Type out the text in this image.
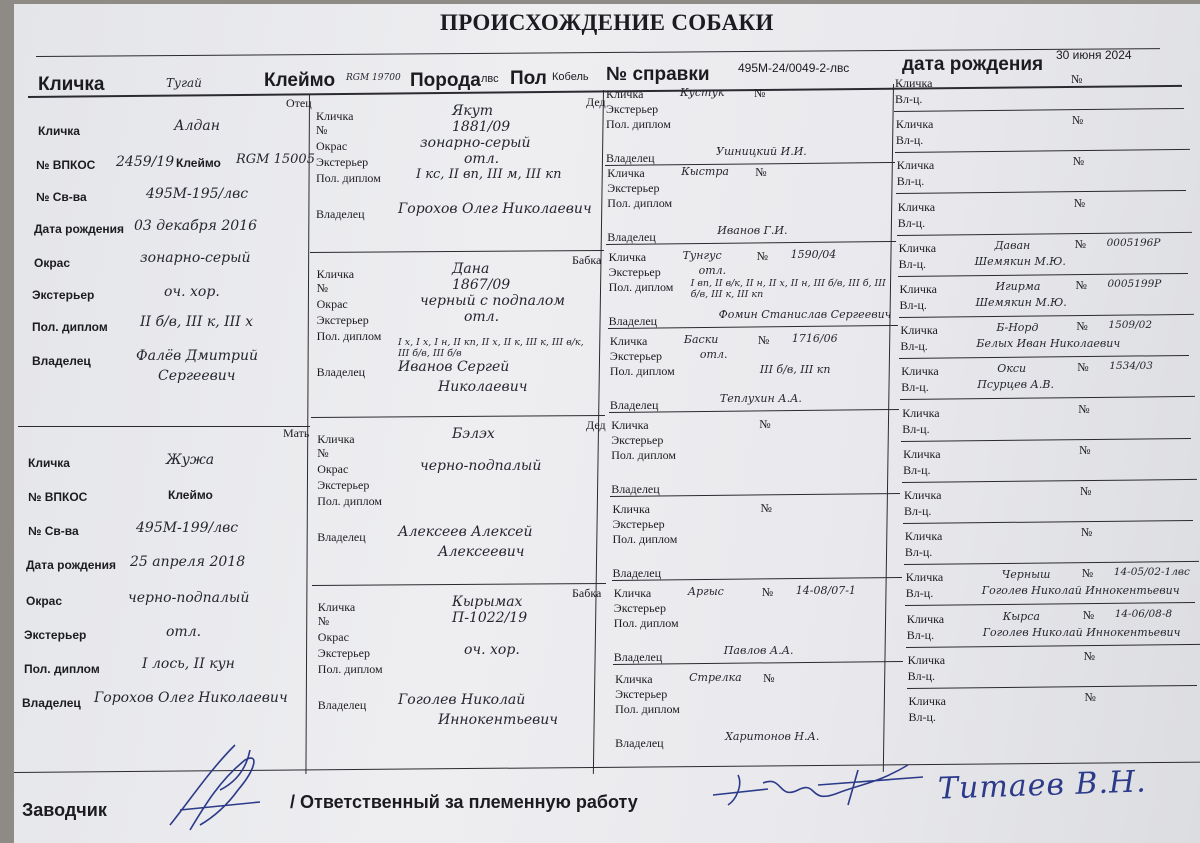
ПРОИСХОЖДЕНИЕ СОБАКИ
Кличка	Тугай	Клеймо RGM 19700 Порода лвс Пол Кобель № справки 495М-24/0049-2-лвс	дата рождения 30 июня 2024
Отец
Кличка	Алдан
№ ВПКОС 2459/19 Клеймо RGM 15005
№ Св-ва	495М-195/лвс
Дата рождения 03 декабря 2016
Окрас	зонарно-серый
Экстерьер	оч. хор.
Пол. диплом II б/в, III к, III х
Владелец	Фалёв Дмитрий
Сергеевич
Мать
Кличка	Жужа
№ ВПКОС	Клеймо
№ Св-ва	495М-199/лвс
Дата рождения 25 апреля 2018
Окрас	черно-подпалый
Экстерьер	отл.
Пол. диплом	I лось, II кун
Владелец Горохов Олег Николаевич
Дед
Кличка	Якут
№	1881/09
Окрас	зонарно-серый
Экстерьер	отл.
Пол. диплом	I кс, II вп, III м, III кп
Владелец Горохов Олег Николаевич
Бабка
Кличка	Дана
№	1867/09
Окрас	черный с подпалом
Экстерьер	отл.
Пол. диплом I х, I х, I н, II кп, II х, II к, III к, III в/к, III б/в, III б/в
Владелец Иванов Сергей
Николаевич
Дед
Кличка	Бэлэх
№
Окрас	черно-подпалый
Экстерьер
Пол. диплом
Владелец Алексеев Алексей
Алексеевич
Бабка
Кличка	Кырымах
№	П-1022/19
Окрас
Экстерьер	оч. хор.
Пол. диплом
Владелец Гоголев Николай
Иннокентьевич
Кличка	Кустук №
Экстерьер
Пол. диплом
Владелец	Ушницкий И.И.
Кличка	Кыстра №
Экстерьер
Пол. диплом
Владелец	Иванов Г.И.
Кличка	Тунгус	№ 1590/04
Экстерьер	отл.
Пол. диплом I вп, II в/к, II н, II х, II н, III б/в, III б, III б/в, III к, III кп
Владелец	Фомин Станислав Сергеевич
Кличка	Баски	№ 1716/06
Экстерьер	отл.
Пол. диплом	III б/в, III кп
Владелец	Теплухин А.А.
Кличка	№
Экстерьер
Пол. диплом
Владелец
Кличка	№
Экстерьер
Пол. диплом
Владелец
Кличка	Аргыс	№ 14-08/07-1
Экстерьер
Пол. диплом
Владелец	Павлов А.А.
Кличка	Стрелка №
Экстерьер
Пол. диплом
Владелец	Харитонов Н.А.
Кличка	№
Вл-ц.
Кличка	№
Вл-ц.
Кличка	№
Вл-ц.
Кличка	№
Вл-ц.
Кличка	Даван	№ 0005196Р
Вл-ц.	Шемякин М.Ю.
Кличка	Игирма	№ 0005199Р
Вл-ц.	Шемякин М.Ю.
Кличка	Б-Норд	№ 1509/02
Вл-ц.	Белых Иван Николаевич
Кличка	Окси	№ 1534/03
Вл-ц.	Псурцев А.В.
Кличка	№
Вл-ц.
Кличка	№
Вл-ц.
Кличка	№
Вл-ц.
Кличка	№
Вл-ц.
Кличка	Черныш	№ 14-05/02-1лвс
Вл-ц.	Гоголев Николай Иннокентьевич
Кличка	Кырса	№ 14-06/08-8
Вл-ц.	Гоголев Николай Иннокентьевич
Кличка	№
Вл-ц.
Кличка	№
Вл-ц.
Заводчик	/ Ответственный за племенную работу	Титаев В.Н.
